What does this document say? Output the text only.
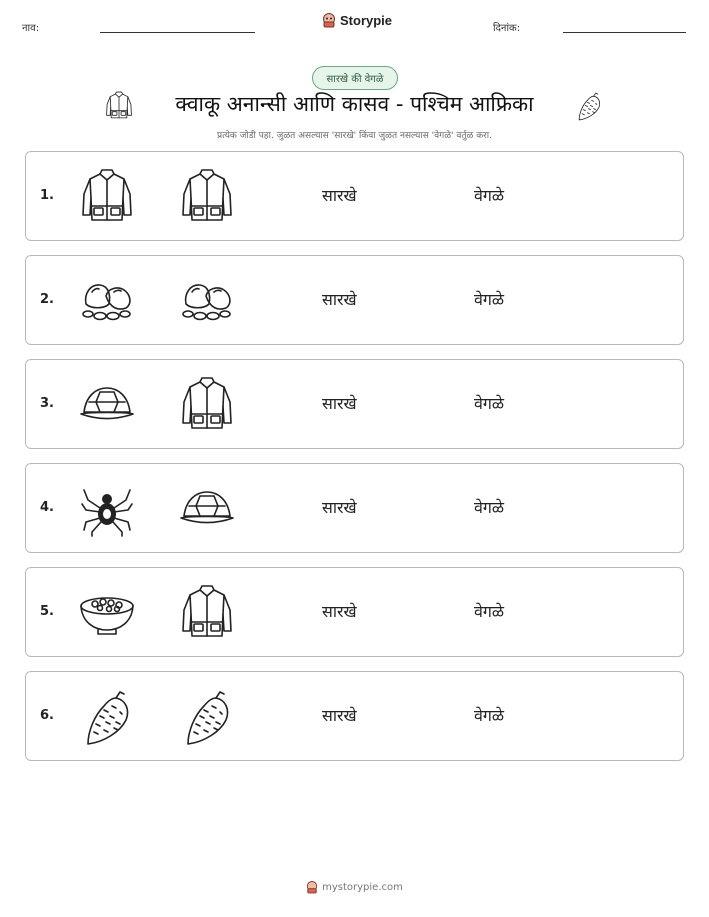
नाव:
Storypie
दिनांक:
सारखे की वेगळे
क्वाकू अनान्सी आणि कासव - पश्चिम आफ्रिका
प्रत्येक जोडी पहा. जुळत असल्यास 'सारखे' किंवा जुळत नसल्यास 'वेगळे' वर्तुळ करा.
1.	सारखे	वेगळे
2.	सारखे	वेगळे
3.	सारखे	वेगळे
4.	सारखे	वेगळे
5.	सारखे	वेगळे
6.	सारखे	वेगळे
mystorypie.com
